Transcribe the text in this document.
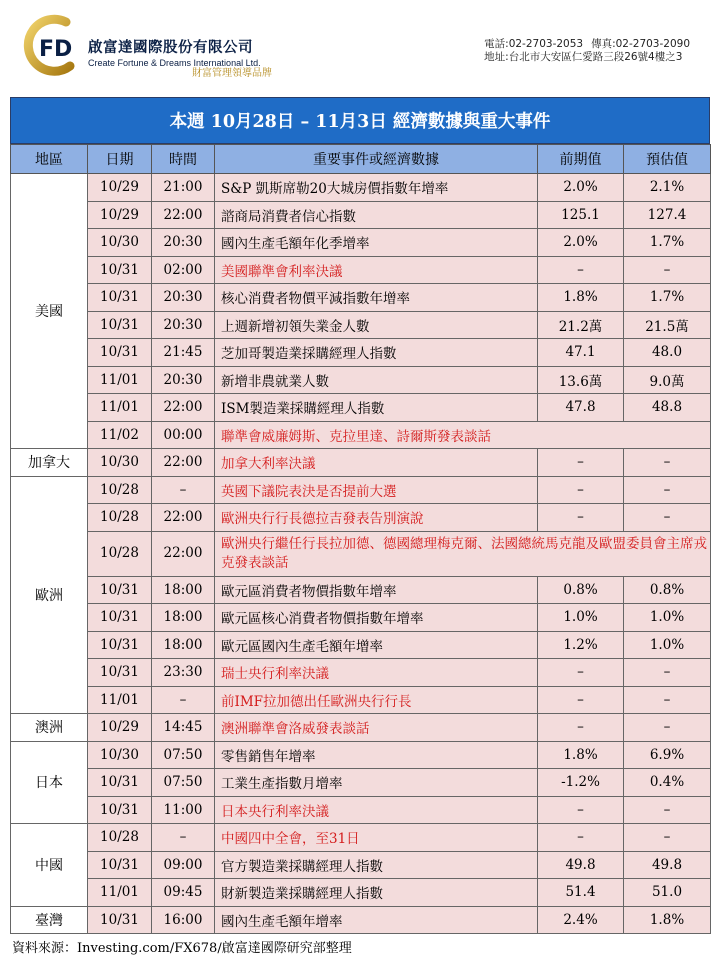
FD 啟富達國際股份有限公司
Create Fortune & Dreams International Ltd.
財富管理領導品牌
電話:02-2703-2053 傳真:02-2703-2090
地址:台北市大安區仁愛路三段26號4樓之3
本週 10月28日 – 11月3日 經濟數據與重大事件
地區	日期	時間	重要事件或經濟數據	前期值	預估值
美國	10/29	21:00	S&P 凱斯席勒20大城房價指數年增率	2.0%	2.1%
	10/29	22:00	諮商局消費者信心指數	125.1	127.4
	10/30	20:30	國內生產毛額年化季增率	2.0%	1.7%
	10/31	02:00	美國聯準會利率決議	–	–
	10/31	20:30	核心消費者物價平減指數年增率	1.8%	1.7%
	10/31	20:30	上週新增初領失業金人數	21.2萬	21.5萬
	10/31	21:45	芝加哥製造業採購經理人指數	47.1	48.0
	11/01	20:30	新增非農就業人數	13.6萬	9.0萬
	11/01	22:00	ISM製造業採購經理人指數	47.8	48.8
	11/02	00:00	聯準會威廉姆斯、克拉里達、詩爾斯發表談話		
加拿大	10/30	22:00	加拿大利率決議	–	–
歐洲	10/28	–	英國下議院表決是否提前大選	–	–
	10/28	22:00	歐洲央行行長德拉吉發表告別演說	–	–
	10/28	22:00	歐洲央行繼任行長拉加德、德國總理梅克爾、法國總統馬克龍及歐盟委員會主席戎克發表談話		
	10/31	18:00	歐元區消費者物價指數年增率	0.8%	0.8%
	10/31	18:00	歐元區核心消費者物價指數年增率	1.0%	1.0%
	10/31	18:00	歐元區國內生產毛額年增率	1.2%	1.0%
	10/31	23:30	瑞士央行利率決議	–	–
	11/01	–	前IMF拉加德出任歐洲央行行長	–	–
澳洲	10/29	14:45	澳洲聯準會洛威發表談話	–	–
日本	10/30	07:50	零售銷售年增率	1.8%	6.9%
	10/31	07:50	工業生產指數月增率	-1.2%	0.4%
	10/31	11:00	日本央行利率決議	–	–
中國	10/28	–	中國四中全會，至31日	–	–
	10/31	09:00	官方製造業採購經理人指數	49.8	49.8
	11/01	09:45	財新製造業採購經理人指數	51.4	51.0
臺灣	10/31	16:00	國內生產毛額年增率	2.4%	1.8%
資料來源：Investing.com/FX678/啟富達國際研究部整理
